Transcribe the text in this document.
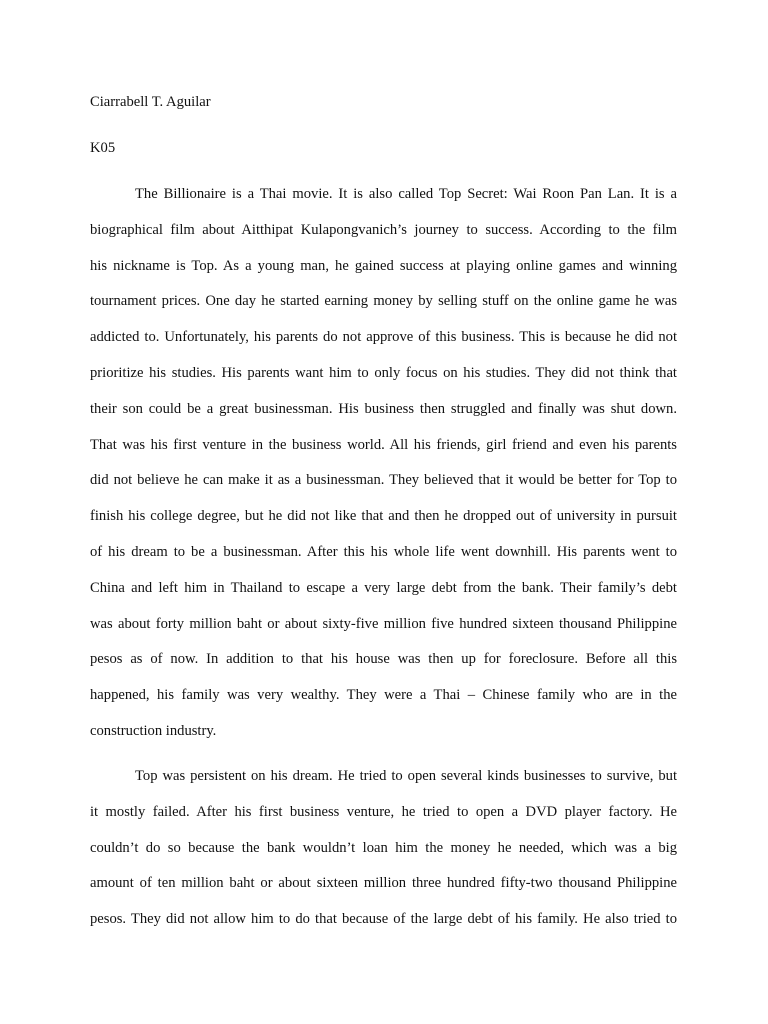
Ciarrabell T. Aguilar
K05
The Billionaire is a Thai movie. It is also called Top Secret: Wai Roon Pan Lan. It is a
biographical film about Aitthipat Kulapongvanich’s journey to success. According to the film
his nickname is Top. As a young man, he gained success at playing online games and winning
tournament prices. One day he started earning money by selling stuff on the online game he was
addicted to. Unfortunately, his parents do not approve of this business. This is because he did not
prioritize his studies. His parents want him to only focus on his studies. They did not think that
their son could be a great businessman. His business then struggled and finally was shut down.
That was his first venture in the business world. All his friends, girl friend and even his parents
did not believe he can make it as a businessman. They believed that it would be better for Top to
finish his college degree, but he did not like that and then he dropped out of university in pursuit
of his dream to be a businessman. After this his whole life went downhill. His parents went to
China and left him in Thailand to escape a very large debt from the bank. Their family’s debt
was about forty million baht or about sixty-five million five hundred sixteen thousand Philippine
pesos as of now. In addition to that his house was then up for foreclosure. Before all this
happened, his family was very wealthy. They were a Thai – Chinese family who are in the
construction industry.
Top was persistent on his dream. He tried to open several kinds businesses to survive, but
it mostly failed. After his first business venture, he tried to open a DVD player factory. He
couldn’t do so because the bank wouldn’t loan him the money he needed, which was a big
amount of ten million baht or about sixteen million three hundred fifty-two thousand Philippine
pesos. They did not allow him to do that because of the large debt of his family. He also tried to
